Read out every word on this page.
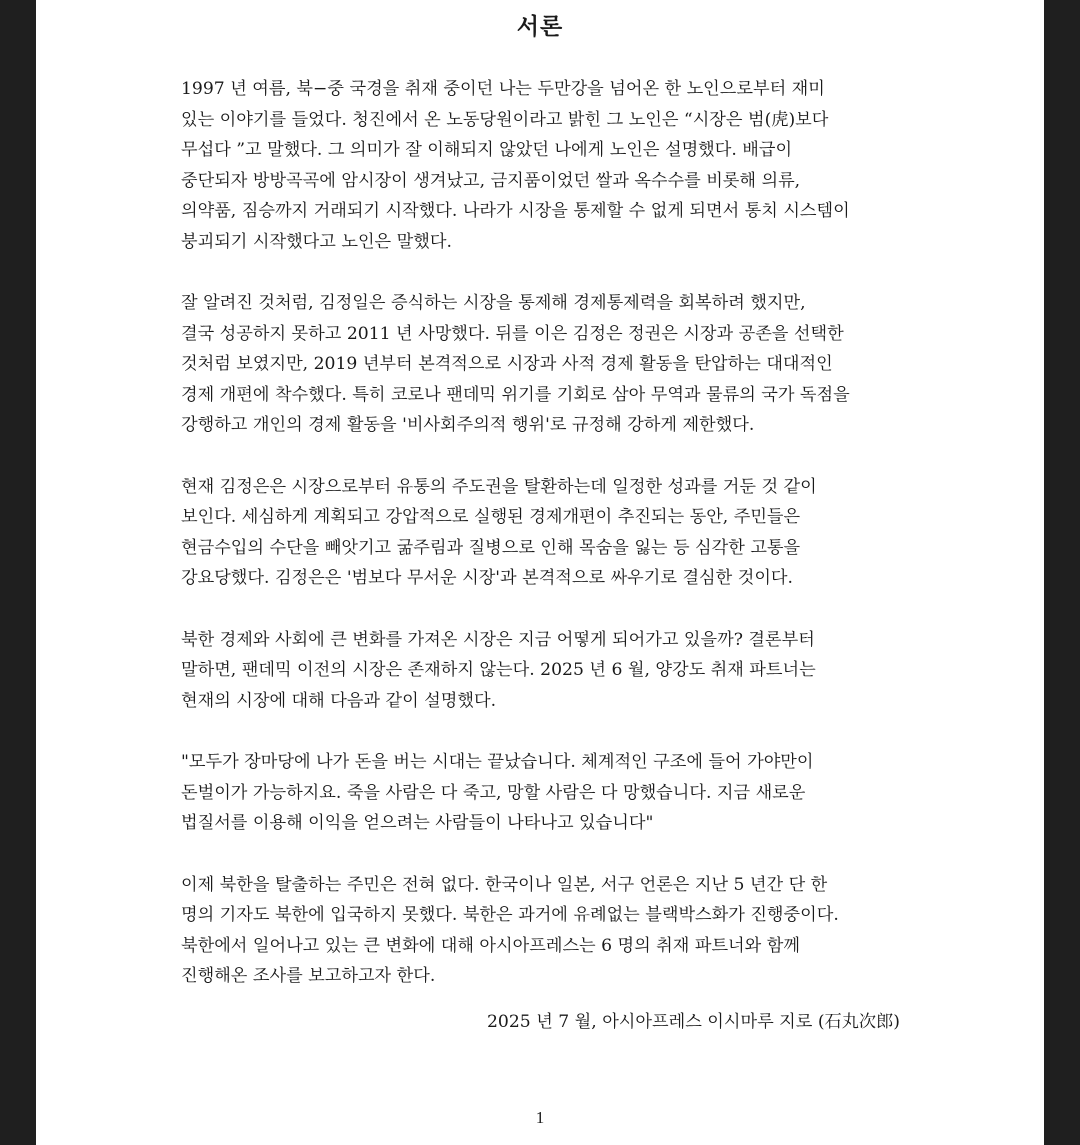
서론

1997 년 여름, 북−중 국경을 취재 중이던 나는 두만강을 넘어온 한 노인으로부터 재미
있는 이야기를 들었다. 청진에서 온 노동당원이라고 밝힌 그 노인은 “시장은 범(虎)보다
무섭다 ”고 말했다. 그 의미가 잘 이해되지 않았던 나에게 노인은 설명했다. 배급이
중단되자 방방곡곡에 암시장이 생겨났고, 금지품이었던 쌀과 옥수수를 비롯해 의류,
의약품, 짐승까지 거래되기 시작했다. 나라가 시장을 통제할 수 없게 되면서 통치 시스템이
붕괴되기 시작했다고 노인은 말했다.

잘 알려진 것처럼, 김정일은 증식하는 시장을 통제해 경제통제력을 회복하려 했지만,
결국 성공하지 못하고 2011 년 사망했다. 뒤를 이은 김정은 정권은 시장과 공존을 선택한
것처럼 보였지만, 2019 년부터 본격적으로 시장과 사적 경제 활동을 탄압하는 대대적인
경제 개편에 착수했다. 특히 코로나 팬데믹 위기를 기회로 삼아 무역과 물류의 국가 독점을
강행하고 개인의 경제 활동을 '비사회주의적 행위'로 규정해 강하게 제한했다.

현재 김정은은 시장으로부터 유통의 주도권을 탈환하는데 일정한 성과를 거둔 것 같이
보인다. 세심하게 계획되고 강압적으로 실행된 경제개편이 추진되는 동안, 주민들은
현금수입의 수단을 빼앗기고 굶주림과 질병으로 인해 목숨을 잃는 등 심각한 고통을
강요당했다. 김정은은 '범보다 무서운 시장'과 본격적으로 싸우기로 결심한 것이다.

북한 경제와 사회에 큰 변화를 가져온 시장은 지금 어떻게 되어가고 있을까? 결론부터
말하면, 팬데믹 이전의 시장은 존재하지 않는다. 2025 년 6 월, 양강도 취재 파트너는
현재의 시장에 대해 다음과 같이 설명했다.

"모두가 장마당에 나가 돈을 버는 시대는 끝났습니다. 체계적인 구조에 들어 가야만이
돈벌이가 가능하지요. 죽을 사람은 다 죽고, 망할 사람은 다 망했습니다. 지금 새로운
법질서를 이용해 이익을 얻으려는 사람들이 나타나고 있습니다"

이제 북한을 탈출하는 주민은 전혀 없다. 한국이나 일본, 서구 언론은 지난 5 년간 단 한
명의 기자도 북한에 입국하지 못했다. 북한은 과거에 유례없는 블랙박스화가 진행중이다.
북한에서 일어나고 있는 큰 변화에 대해 아시아프레스는 6 명의 취재 파트너와 함께
진행해온 조사를 보고하고자 한다.

2025 년 7 월, 아시아프레스 이시마루 지로 (石丸次郎)
1
